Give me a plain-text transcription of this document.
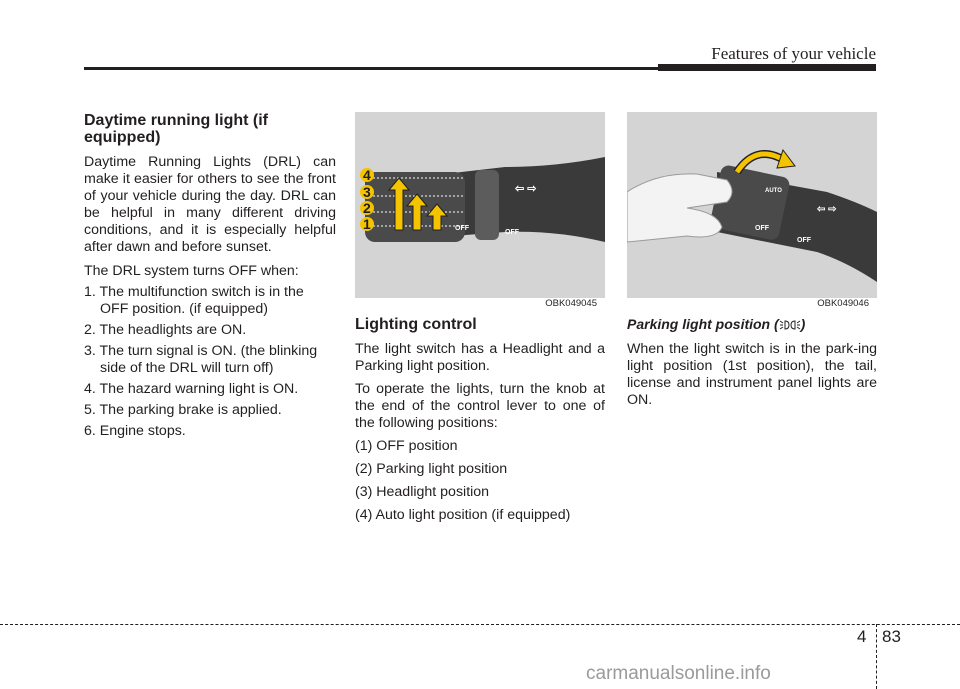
Features of your vehicle
Daytime running light (if equipped)

Daytime Running Lights (DRL) can make it easier for others to see the front of your vehicle during the day. DRL can be helpful in many different driving conditions, and it is especially helpful after dawn and before sunset.

The DRL system turns OFF when:

1. The multifunction switch is in the OFF position. (if equipped)
2. The headlights are ON.
3. The turn signal is ON. (the blinking side of the DRL will turn off)
4. The hazard warning light is ON.
5. The parking brake is applied.
6. Engine stops.
⇦ ⇨
OFF
OFF
4
3
2
1
OBK049045
AUTO
OFF
OFF
⇦ ⇨
OBK049046
Lighting control

The light switch has a Headlight and a Parking light position.

To operate the lights, turn the knob at the end of the control lever to one of the following positions:

(1) OFF position

(2) Parking light position

(3) Headlight position

(4) Auto light position (if equipped)

Parking light position ( )

When the light switch is in the park-ing light position (1st position), the tail, license and instrument panel lights are ON.

4 83
carmanualsonline.info
